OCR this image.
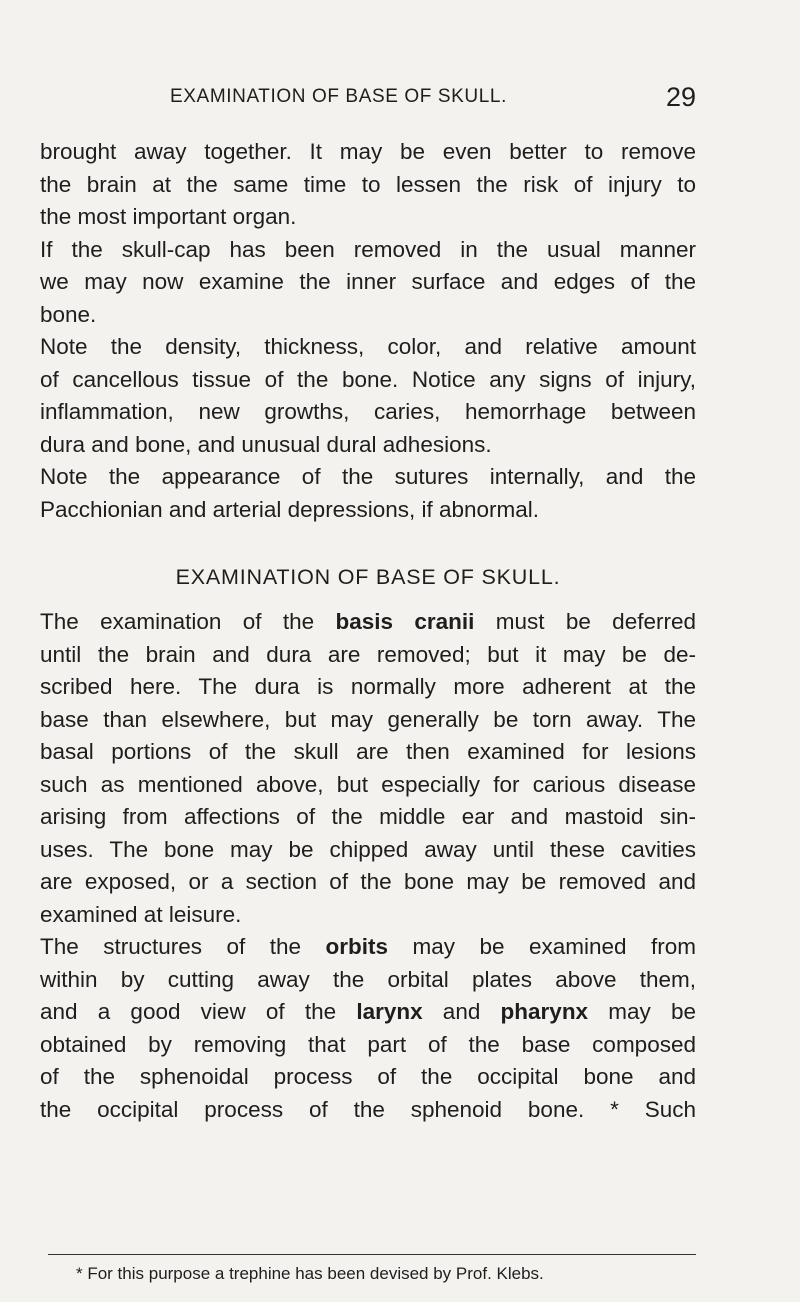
EXAMINATION OF BASE OF SKULL.	29
brought away together. It may be even better to remove
the brain at the same time to lessen the risk of injury to
the most important organ.
If the skull-cap has been removed in the usual manner
we may now examine the inner surface and edges of the
bone.
Note the density, thickness, color, and relative amount
of cancellous tissue of the bone. Notice any signs of injury,
inflammation, new growths, caries, hemorrhage between
dura and bone, and unusual dural adhesions.
Note the appearance of the sutures internally, and the
Pacchionian and arterial depressions, if abnormal.
EXAMINATION OF BASE OF SKULL.
The examination of the basis cranii must be deferred
until the brain and dura are removed; but it may be de-
scribed here. The dura is normally more adherent at the
base than elsewhere, but may generally be torn away. The
basal portions of the skull are then examined for lesions
such as mentioned above, but especially for carious disease
arising from affections of the middle ear and mastoid sin-
uses. The bone may be chipped away until these cavities
are exposed, or a section of the bone may be removed and
examined at leisure.
The structures of the orbits may be examined from
within by cutting away the orbital plates above them,
and a good view of the larynx and pharynx may be
obtained by removing that part of the base composed
of the sphenoidal process of the occipital bone and
the occipital process of the sphenoid bone. * Such
* For this purpose a trephine has been devised by Prof. Klebs.
